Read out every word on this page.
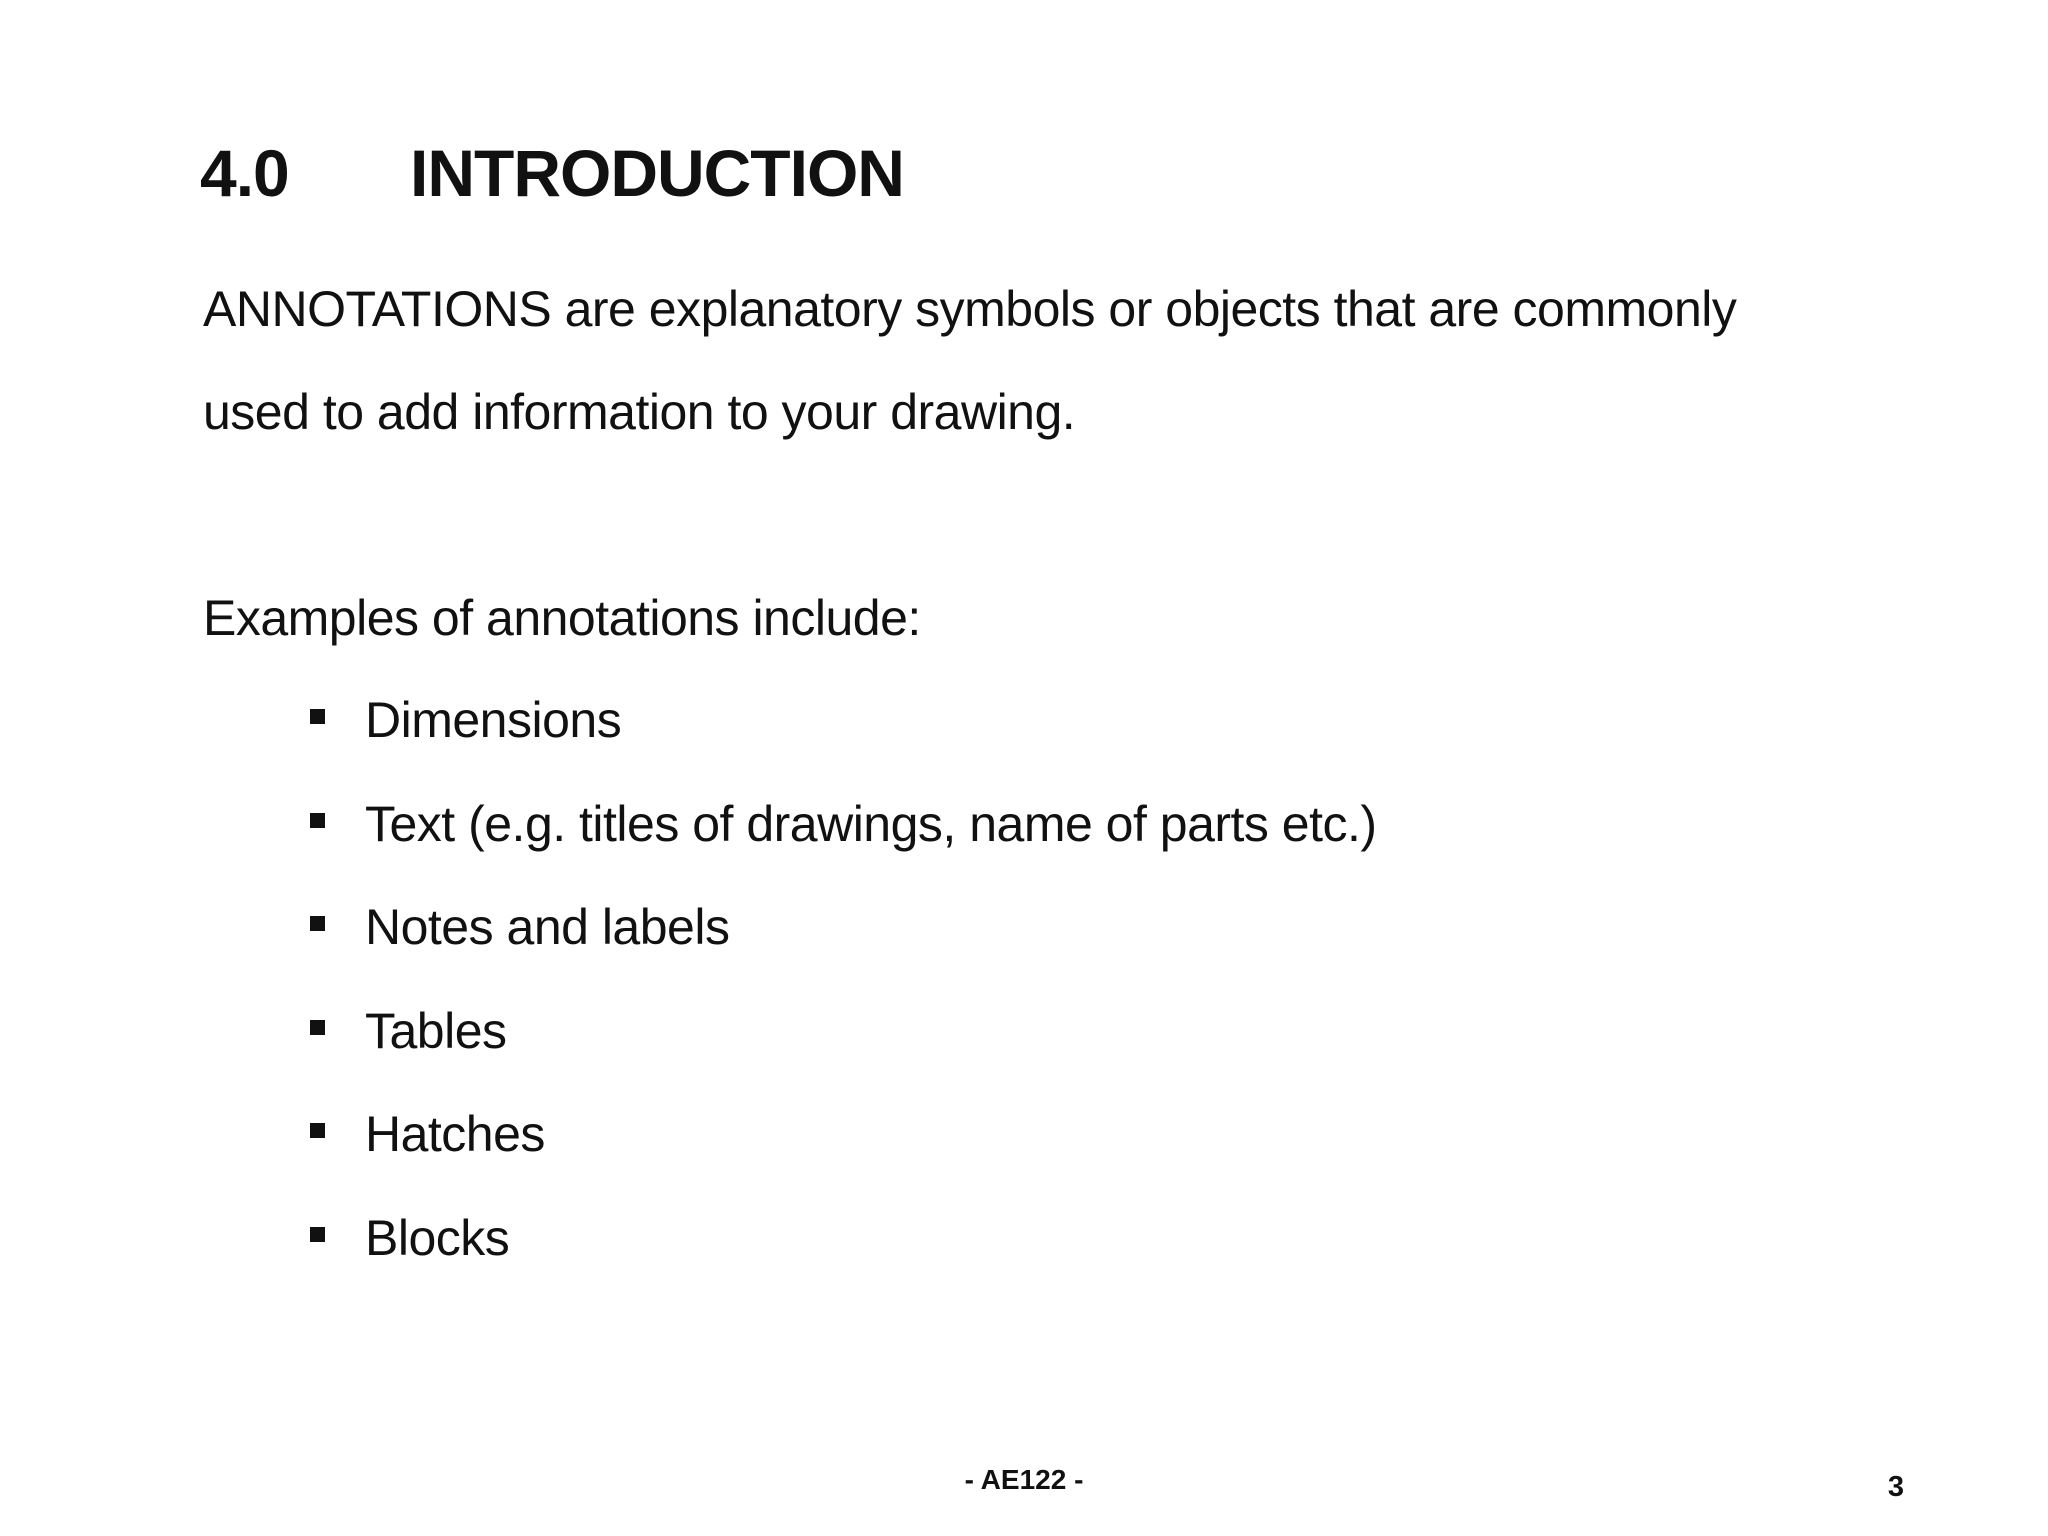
4.0 INTRODUCTION
ANNOTATIONS are explanatory symbols or objects that are commonly
used to add information to your drawing.
Examples of annotations include:
Dimensions
Text (e.g. titles of drawings, name of parts etc.)
Notes and labels
Tables
Hatches
Blocks
- AE122 -	3
